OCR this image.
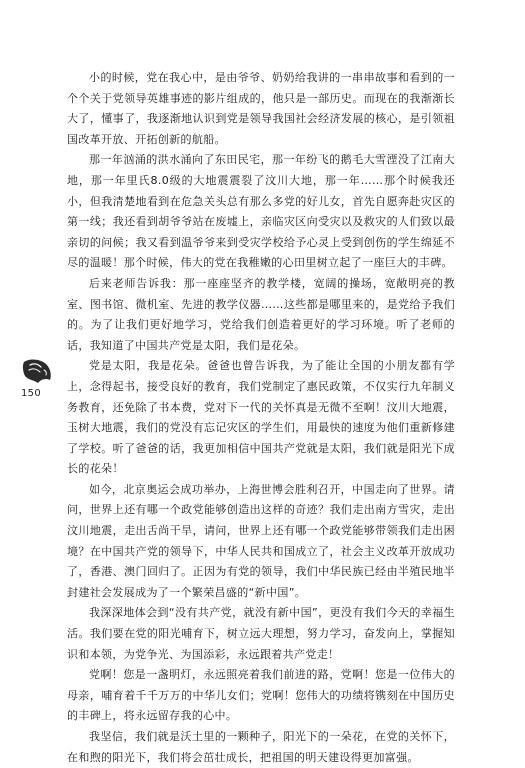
小的时候，党在我心中，是由爷爷、奶奶给我讲的一串串故事和看到的一个个关于党领导英雄事迹的影片组成的，他只是一部历史。而现在的我渐渐长大了，懂事了，我逐渐地认识到党是领导我国社会经济发展的核心，是引领祖国改革开放、开拓创新的航船。

那一年汹涌的洪水涌向了东田民宅，那一年纷飞的鹅毛大雪湮没了江南大地，那一年里氏8.0级的大地震震裂了汶川大地，那一年……那个时候我还小，但我清楚地看到在危急关头总有那么多党的好儿女，首先自愿奔赴灾区的第一线；我还看到胡爷爷站在废墟上，亲临灾区向受灾以及救灾的人们致以最亲切的问候；我又看到温爷爷来到受灾学校给予心灵上受到创伤的学生绵延不尽的温暖！那个时候，伟大的党在我稚嫩的心田里树立起了一座巨大的丰碑。

后来老师告诉我：那一座座坚齐的教学楼，宽阔的操场，宽敞明亮的教室、图书馆、微机室、先进的教学仪器……这些都是哪里来的，是党给予我们的。为了让我们更好地学习，党给我们创造着更好的学习环境。听了老师的话，我知道了中国共产党是太阳，我们是花朵。

党是太阳，我是花朵。爸爸也曾告诉我，为了能让全国的小朋友都有学上，念得起书，接受良好的教育，我们党制定了惠民政策，不仅实行九年制义务教育，还免除了书本费，党对下一代的关怀真是无微不至啊！汶川大地震，玉树大地震，我们的党没有忘记灾区的学生们，用最快的速度为他们重新修建了学校。听了爸爸的话，我更加相信中国共产党就是太阳，我们就是阳光下成长的花朵！

如今，北京奥运会成功举办，上海世博会胜利召开，中国走向了世界。请问，世界上还有哪一个政党能够创造出这样的奇迹？我们走出南方雪灾，走出汶川地震，走出舌尚干旱，请问，世界上还有哪一个政党能够带领我们走出困境？在中国共产党的领导下，中华人民共和国成立了，社会主义改革开放成功了，香港、澳门回归了。正因为有党的领导，我们中华民族已经由半殖民地半封建社会发展成为了一个繁荣昌盛的“新中国”。

我深深地体会到“没有共产党，就没有新中国”，更没有我们今天的幸福生活。我们要在党的阳光哺育下，树立远大理想，努力学习，奋发向上，掌握知识和本领，为党争光、为国添彩，永远跟着共产党走！

党啊！您是一盏明灯，永远照亮着我们前进的路，党啊！您是一位伟大的母亲，哺育着千千万万的中华儿女们；党啊！您伟大的功绩将镌刻在中国历史的丰碑上，将永远留存我的心中。

我坚信，我们就是沃土里的一颗种子，阳光下的一朵花，在党的关怀下，在和煦的阳光下，我们将会茁壮成长，把祖国的明天建设得更加富强。

150
